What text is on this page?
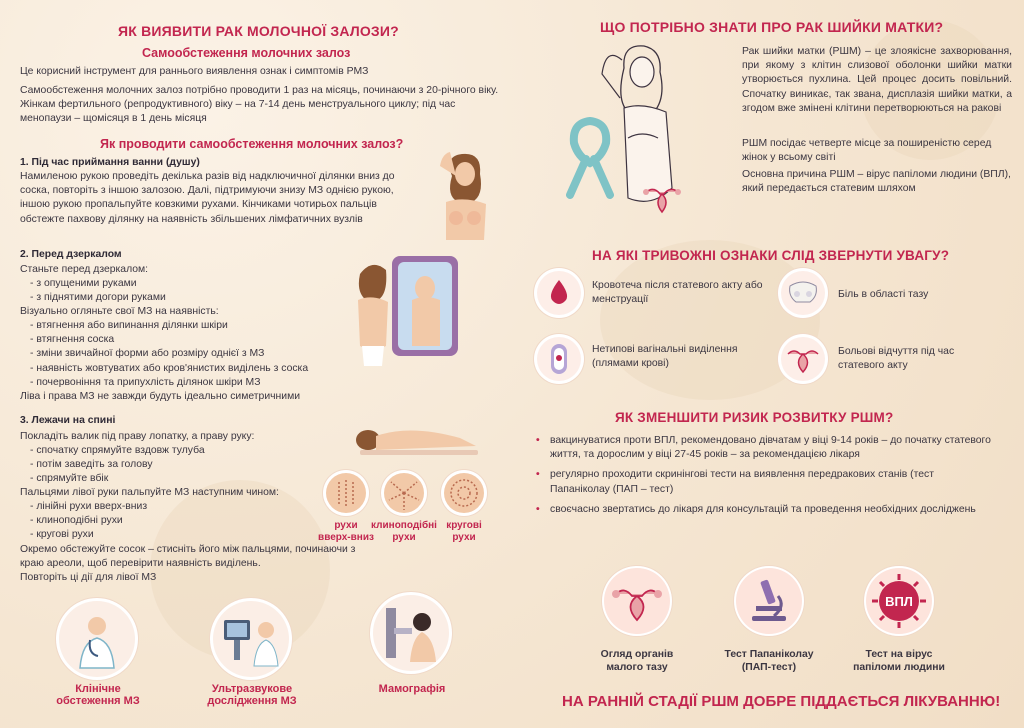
ЯК ВИЯВИТИ РАК МОЛОЧНОЇ ЗАЛОЗИ?
Самообстеження молочних залоз
Це корисний інструмент для раннього виявлення ознак і симптомів РМЗ
Самообстеження молочних залоз потрібно проводити 1 раз на місяць, починаючи з 20-річного віку. Жінкам фертильного (репродуктивного) віку – на 7-14 день менструального циклу; під час менопаузи – щомісяця в 1 день місяця
Як проводити самообстеження молочних залоз?
1. Під час приймання ванни (душу)
Намиленою рукою проведіть декілька разів від надключичної ділянки вниз до соска, повторіть з іншою залозою. Далі, підтримуючи знизу МЗ однією рукою, іншою рукою пропальпуйте ковзкими рухами. Кінчиками чотирьох пальців обстежте пахвову ділянку на наявність збільшених лімфатичних вузлів
2. Перед дзеркалом
Станьте перед дзеркалом:
- з опущеними руками
- з піднятими догори руками
Візуально огляньте свої МЗ на наявність:
- втягнення або випинання ділянки шкіри
- втягнення соска
- зміни звичайної форми або розміру однієї з МЗ
- наявність жовтуватих або кров'янистих виділень з соска
- почервоніння та припухлість ділянок шкіри МЗ
Ліва і права МЗ не завжди будуть ідеально симетричними
3. Лежачи на спині
Покладіть валик під праву лопатку, а праву руку:
- спочатку спрямуйте вздовж тулуба
- потім заведіть за голову
- спрямуйте вбік
Пальцями лівої руки пальпуйте МЗ наступним чином:
- лінійні рухи вверх-вниз
- клиноподібні рухи
- кругові рухи
Окремо обстежуйте сосок – стисніть його між пальцями, починаючи з краю ареоли, щоб перевірити наявність виділень.
Повторіть ці дії для лівої МЗ
рухи вверх-вниз
клиноподібні рухи
кругові рухи
Клінічне обстеження МЗ
Ультразвукове дослідження МЗ
Мамографія
ЩО ПОТРІБНО ЗНАТИ ПРО РАК ШИЙКИ МАТКИ?
Рак шийки матки (РШМ) – це злоякісне захворювання, при якому з клітин слизової оболонки шийки матки утворюється пухлина. Цей процес досить повільний. Спочатку виникає, так звана, дисплазія шийки матки, а згодом вже змінені клітини перетворюються на ракові
РШМ посідає четверте місце за поширеністю серед жінок у всьому світі
Основна причина РШМ – вірус папіломи людини (ВПЛ), який передається статевим шляхом
НА ЯКІ ТРИВОЖНІ ОЗНАКИ СЛІД ЗВЕРНУТИ УВАГУ?
Кровотеча після статевого акту або менструації	Біль в області тазу
Нетипові вагінальні виділення (плямами крові)
Больові відчуття під час статевого акту
ЯК ЗМЕНШИТИ РИЗИК РОЗВИТКУ РШМ?
• вакцинуватися проти ВПЛ, рекомендовано дівчатам у віці 9-14 років – до початку статевого життя, та дорослим у віці 27-45 років – за рекомендацією лікаря
• регулярно проходити скринінгові тести на виявлення передракових станів (тест Папаніколау (ПАП – тест)
• своєчасно звертатись до лікаря для консультацій та проведення необхідних досліджень
ВПЛ
Огляд органів малого тазу
Тест Папаніколау (ПАП-тест)
Тест на вірус папіломи людини
НА РАННІЙ СТАДІЇ РШМ ДОБРЕ ПІДДАЄТЬСЯ ЛІКУВАННЮ!
